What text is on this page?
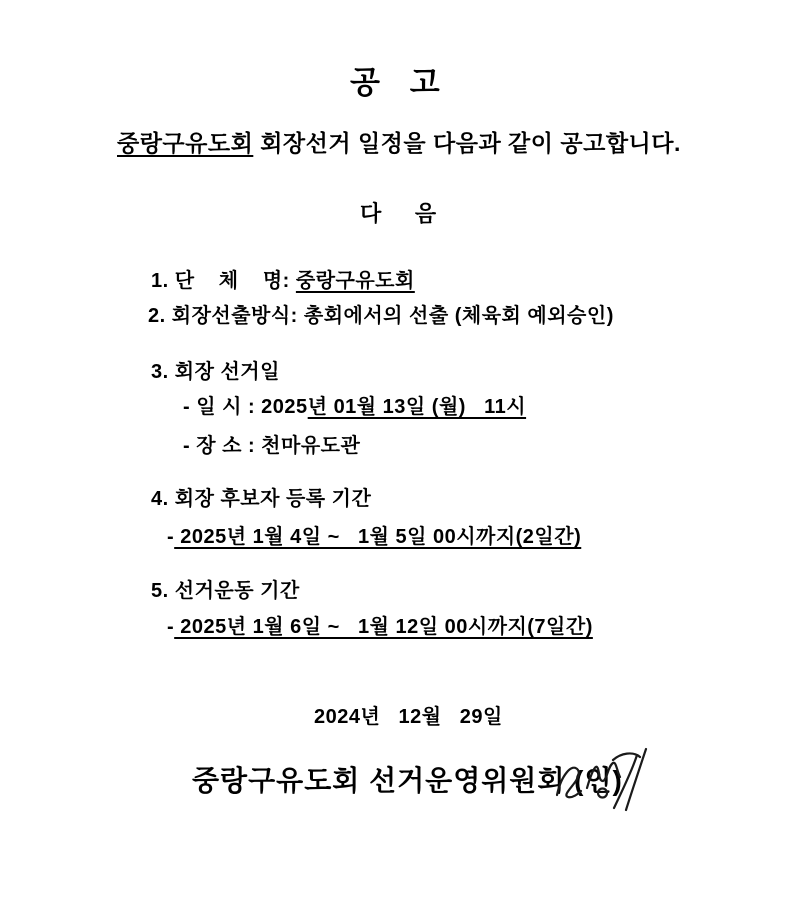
공   고
중랑구유도회 회장선거 일정을 다음과 같이 공고합니다.
다     음
1. 단    체    명: 중랑구유도회
2. 회장선출방식: 총회에서의 선출 (체육회 예외승인)
3. 회장 선거일
- 일 시 : 2025년 01월 13일 (월)   11시
- 장 소 : 천마유도관
4. 회장 후보자 등록 기간
- 2025년 1월 4일 ~   1월 5일 00시까지(2일간)
5. 선거운동 기간
- 2025년 1월 6일 ~   1월 12일 00시까지(7일간)
2024년   12월   29일
중랑구유도회 선거운영위원회 (인)
